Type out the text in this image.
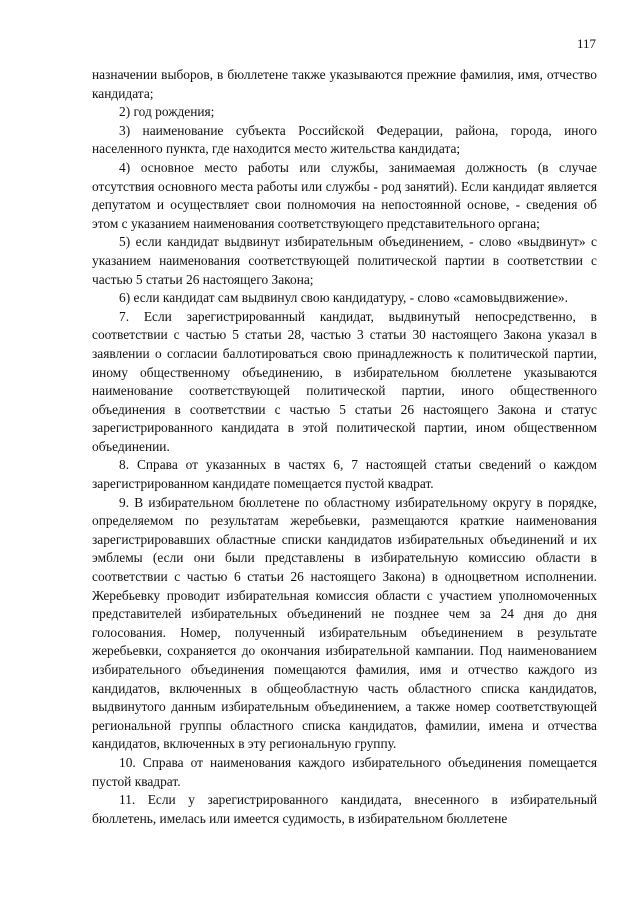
117

назначении выборов, в бюллетене также указываются прежние фамилия, имя, отчество кандидата;

2) год рождения;

3) наименование субъекта Российской Федерации, района, города, иного населенного пункта, где находится место жительства кандидата;

4) основное место работы или службы, занимаемая должность (в случае отсутствия основного места работы или службы - род занятий). Если кандидат является депутатом и осуществляет свои полномочия на непостоянной основе, - сведения об этом с указанием наименования соответствующего представительного органа;

5) если кандидат выдвинут избирательным объединением, - слово «выдвинут» с указанием наименования соответствующей политической партии в соответствии с частью 5 статьи 26 настоящего Закона;

6) если кандидат сам выдвинул свою кандидатуру, - слово «самовыдвижение».

7. Если зарегистрированный кандидат, выдвинутый непосредственно, в соответствии с частью 5 статьи 28, частью 3 статьи 30 настоящего Закона указал в заявлении о согласии баллотироваться свою принадлежность к политической партии, иному общественному объединению, в избирательном бюллетене указываются наименование соответствующей политической партии, иного общественного объединения в соответствии с частью 5 статьи 26 настоящего Закона и статус зарегистрированного кандидата в этой политической партии, ином общественном объединении.

8. Справа от указанных в частях 6, 7 настоящей статьи сведений о каждом зарегистрированном кандидате помещается пустой квадрат.

9. В избирательном бюллетене по областному избирательному округу в порядке, определяемом по результатам жеребьевки, размещаются краткие наименования зарегистрировавших областные списки кандидатов избирательных объединений и их эмблемы (если они были представлены в избирательную комиссию области в соответствии с частью 6 статьи 26 настоящего Закона) в одноцветном исполнении. Жеребьевку проводит избирательная комиссия области с участием уполномоченных представителей избирательных объединений не позднее чем за 24 дня до дня голосования. Номер, полученный избирательным объединением в результате жеребьевки, сохраняется до окончания избирательной кампании. Под наименованием избирательного объединения помещаются фамилия, имя и отчество каждого из кандидатов, включенных в общеобластную часть областного списка кандидатов, выдвинутого данным избирательным объединением, а также номер соответствующей региональной группы областного списка кандидатов, фамилии, имена и отчества кандидатов, включенных в эту региональную группу.

10. Справа от наименования каждого избирательного объединения помещается пустой квадрат.

11. Если у зарегистрированного кандидата, внесенного в избирательный бюллетень, имелась или имеется судимость, в избирательном бюллетене
